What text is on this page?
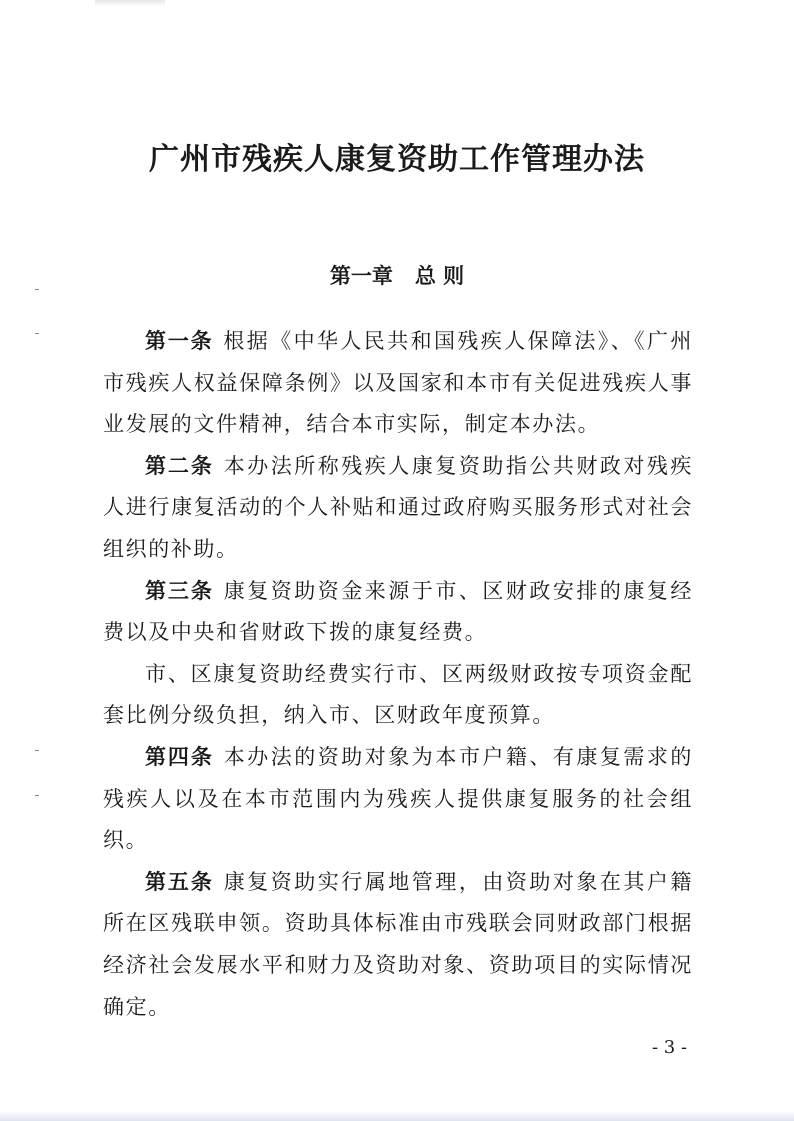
广州市残疾人康复资助工作管理办法
第一章 总 则

第一条 根据《中华人民共和国残疾人保障法》、《广州市残疾人权益保障条例》以及国家和本市有关促进残疾人事业发展的文件精神，结合本市实际，制定本办法。

第二条 本办法所称残疾人康复资助指公共财政对残疾人进行康复活动的个人补贴和通过政府购买服务形式对社会组织的补助。

第三条 康复资助资金来源于市、区财政安排的康复经费以及中央和省财政下拨的康复经费。

市、区康复资助经费实行市、区两级财政按专项资金配套比例分级负担，纳入市、区财政年度预算。

第四条 本办法的资助对象为本市户籍、有康复需求的残疾人以及在本市范围内为残疾人提供康复服务的社会组织。

第五条 康复资助实行属地管理，由资助对象在其户籍所在区残联申领。资助具体标准由市残联会同财政部门根据经济社会发展水平和财力及资助对象、资助项目的实际情况确定。

- 3 -
